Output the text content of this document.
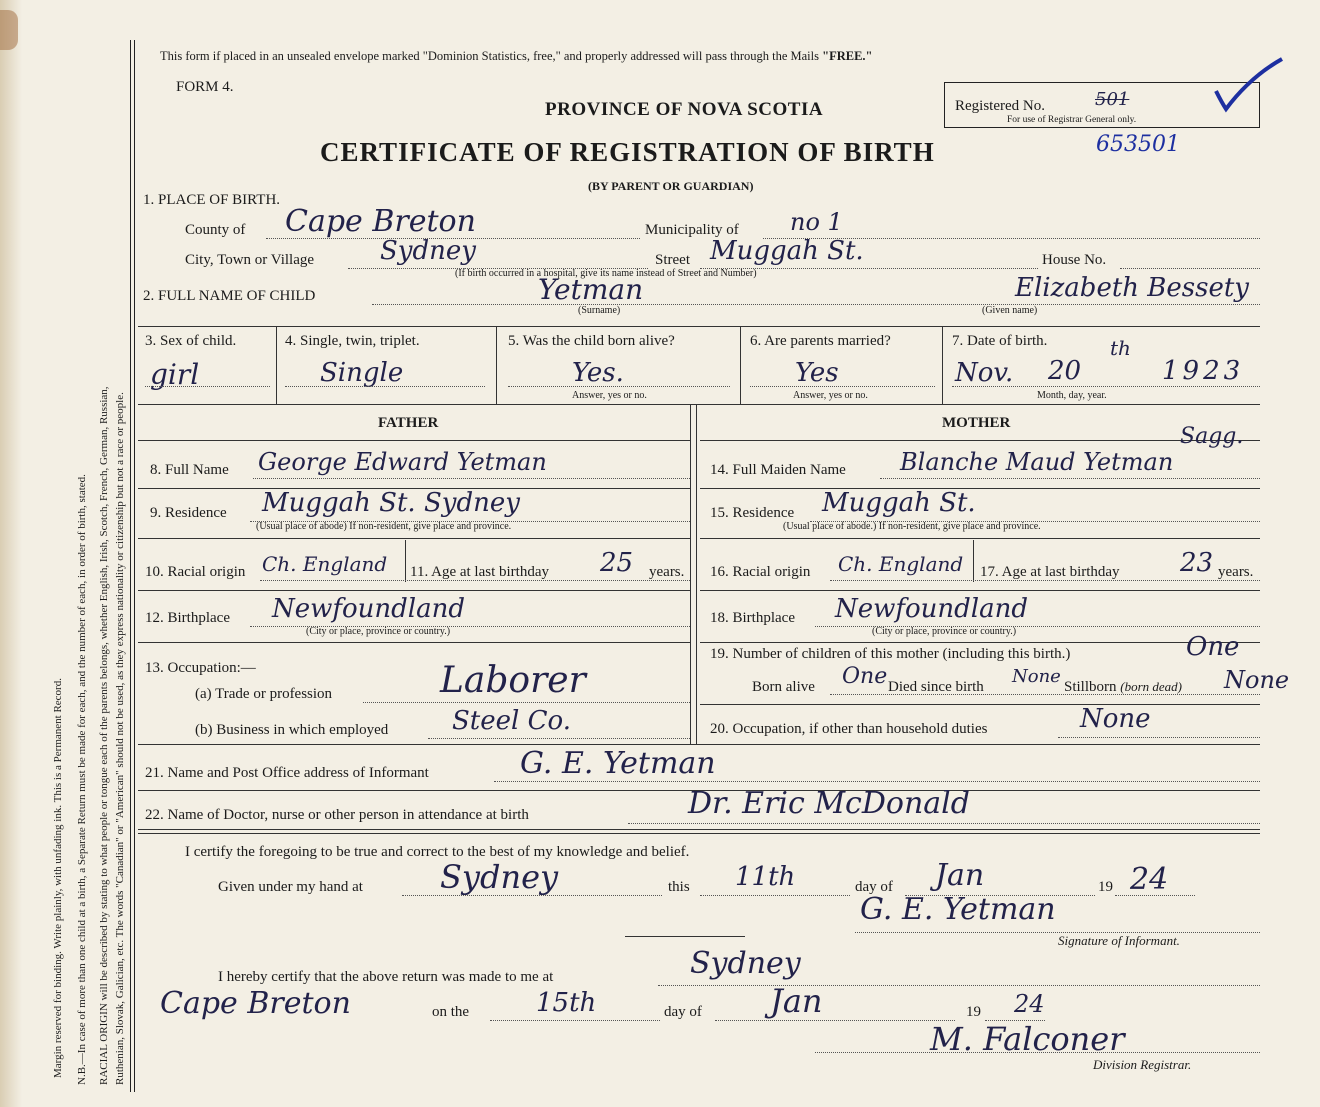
Margin reserved for binding. Write plainly, with unfading ink. This is a Permanent Record. N.B.—In case of more than one child at a birth, a Separate Return must be made for each, and the number of each, in order of birth, stated. RACIAL ORIGIN will be described by stating to what people or tongue each of the parents belongs, whether English, Irish, Scotch, French, German, Russian, Ruthenian, Slovak, Galician, etc. The words "Canadian" or "American" should not be used, as they express nationality or citizenship but not a race or people.
This form if placed in an unsealed envelope marked "Dominion Statistics, free," and properly addressed will pass through the Mails "FREE."
FORM 4.
PROVINCE OF NOVA SCOTIA
CERTIFICATE OF REGISTRATION OF BIRTH
(BY PARENT OR GUARDIAN)
Registered No.	501
For use of Registrar General only.
653501
1. PLACE OF BIRTH.
County of Cape Breton	Municipality of no 1
City, Town or Village	Sydney	Street Muggah St.	House No.
(If birth occurred in a hospital, give its name instead of Street and Number)
2. FULL NAME OF CHILD	Yetman
(Surname)
Elizabeth Bessety
(Given name)
3. Sex of child.
girl
4. Single, twin, triplet.
Single
5. Was the child born alive?
Yes.
Answer, yes or no.
6. Are parents married?
Yes
Answer, yes or no.
7. Date of birth.
Nov. 20
th
1923
Month, day, year.
FATHER	MOTHER
8. Full Name George Edward Yetman
9. Residence Muggah St. Sydney
(Usual place of abode) If non-resident, give place and province.
10. Racial origin Ch. England 11. Age at last birthday 25 years.
12. Birthplace Newfoundland
(City or place, province or country.)
13. Occupation:—
(a) Trade or profession	Laborer
(b) Business in which employed Steel Co.
14. Full Maiden Name Blanche Maud Yetman
Sagg.
15. Residence Muggah St.
(Usual place of abode.) If non-resident, give place and province.
16. Racial origin Ch. England 17. Age at last birthday 23 years.
18. Birthplace Newfoundland
(City or place, province or country.)
19. Number of children of this mother (including this birth.)	One
Born alive One Died since birth None Stillborn (born dead) None
20. Occupation, if other than household duties	None
21. Name and Post Office address of Informant	G. E. Yetman
22. Name of Doctor, nurse or other person in attendance at birth	Dr. Eric McDonald
I certify the foregoing to be true and correct to the best of my knowledge and belief.
Given under my hand at Sydney	this 11th	day of Jan	19 24
G. E. Yetman
Signature of Informant.
I hereby certify that the above return was made to me at	Sydney
Cape Breton	on the	15th	day of Jan	19 24
M. Falconer
Division Registrar.
